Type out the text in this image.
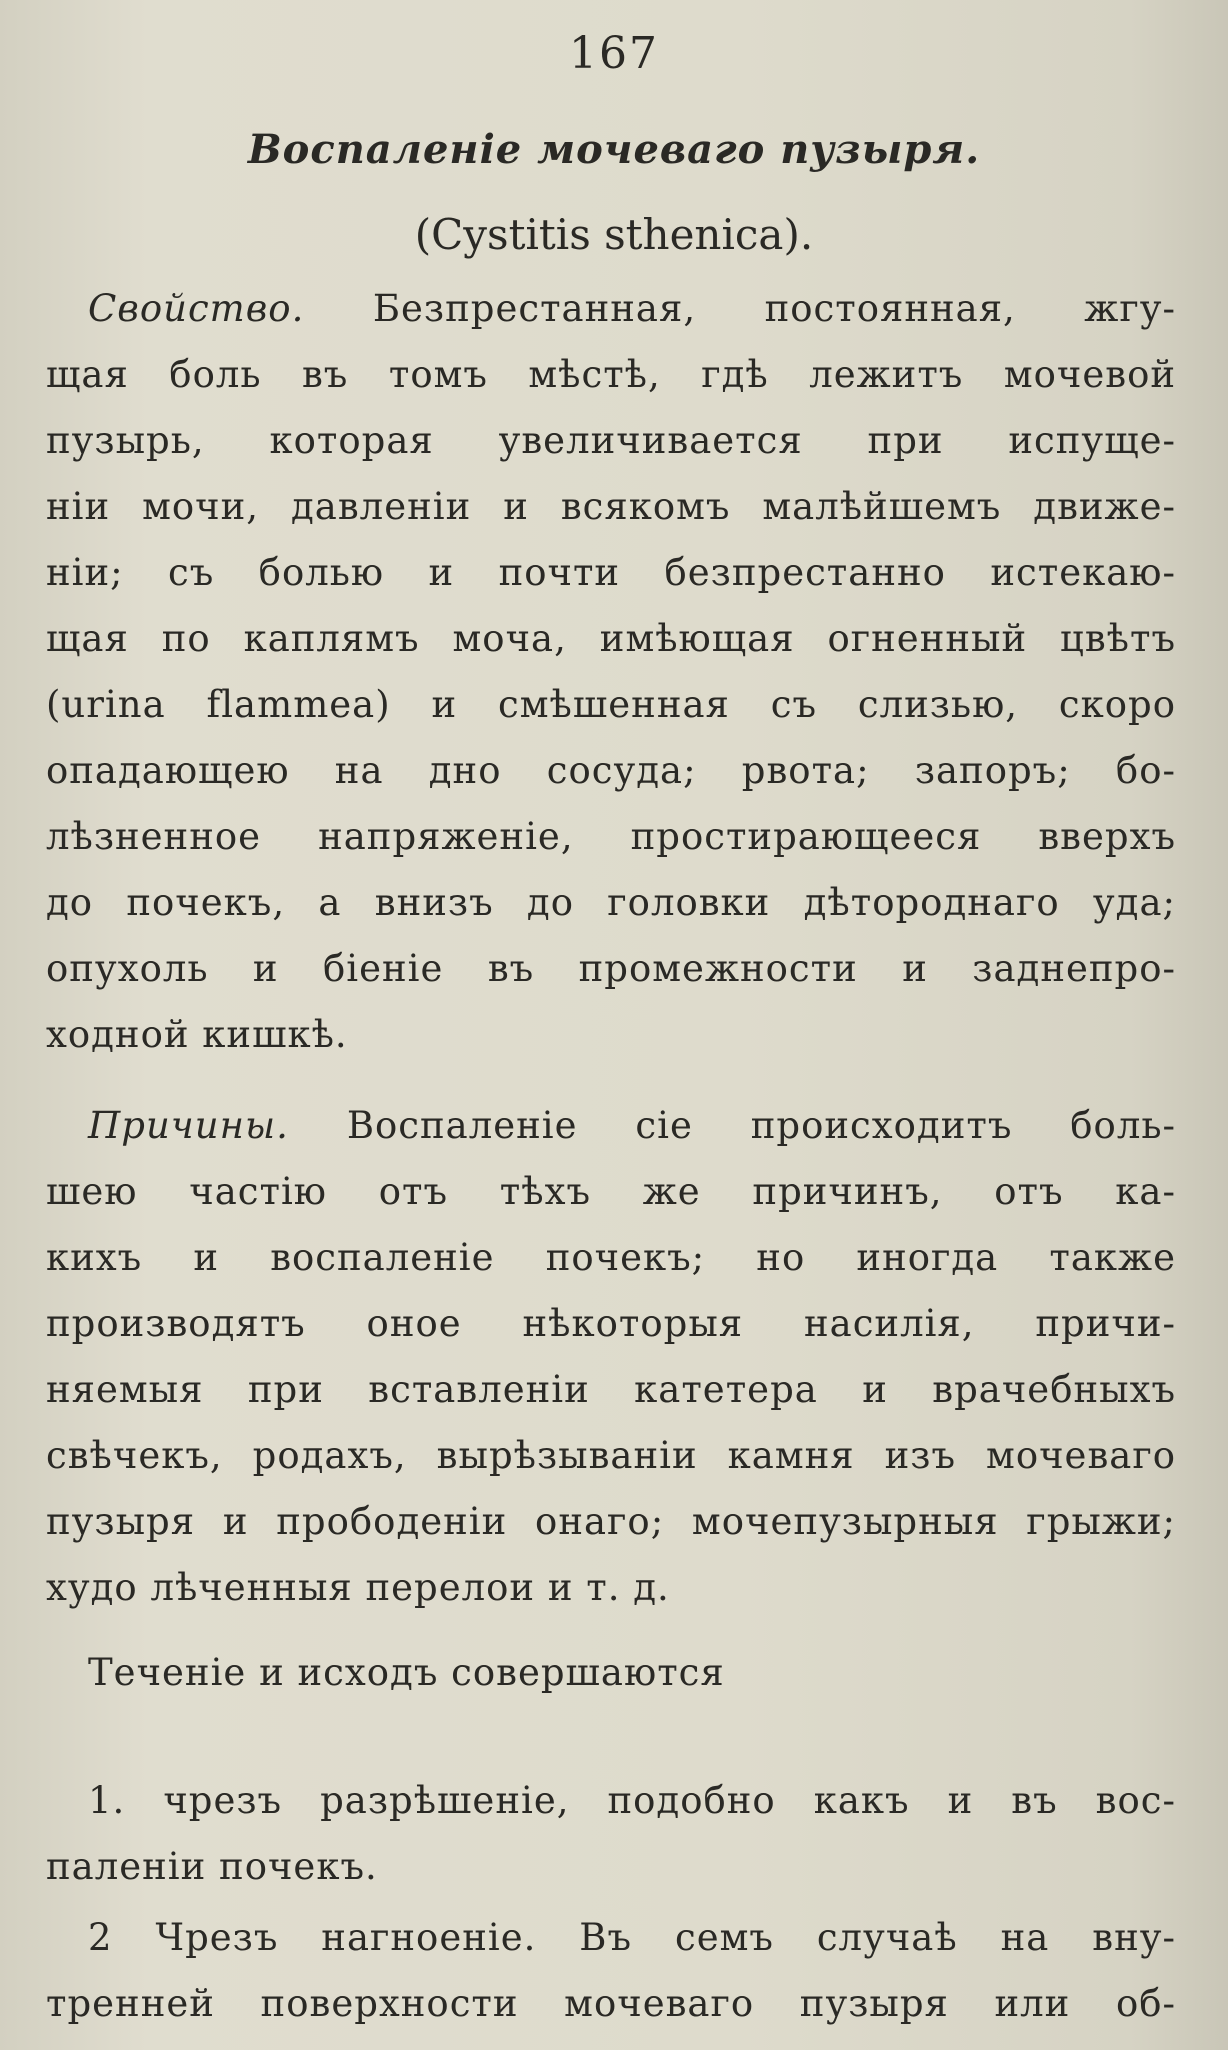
167
Воспаленіе мочеваго пузыря.
(Cystitis sthenica).
Свойство. Безпрестанная, постоянная, жгу-
щая боль въ томъ мѣстѣ, гдѣ лежитъ мочевой
пузырь, которая увеличивается при испуще-
ніи мочи, давленіи и всякомъ малѣйшемъ движе-
ніи; съ болью и почти безпрестанно истекаю-
щая по каплямъ моча, имѣющая огненный цвѣтъ
(urina flammea) и смѣшенная съ слизью, скоро
опадающею на дно сосуда; рвота; запоръ; бо-
лѣзненное напряженіе, простирающееся вверхъ
до почекъ, а внизъ до головки дѣтороднаго уда;
опухоль и біеніе въ промежности и заднепро-
ходной кишкѣ.
Причины. Воспаленіе сіе происходитъ боль-
шею частію отъ тѣхъ же причинъ, отъ ка-
кихъ и воспаленіе почекъ; но иногда также
производятъ оное нѣкоторыя насилія, причи-
няемыя при вставленіи катетера и врачебныхъ
свѣчекъ, родахъ, вырѣзываніи камня изъ мочеваго
пузыря и прободеніи онаго; мочепузырныя грыжи;
худо лѣченныя перелои и т. д.
Теченіе и исходъ совершаются
1. чрезъ разрѣшеніе, подобно какъ и въ вос-
паленіи почекъ.
2 Чрезъ нагноеніе. Въ семъ случаѣ на вну-
тренней поверхности мочеваго пузыря или об-
